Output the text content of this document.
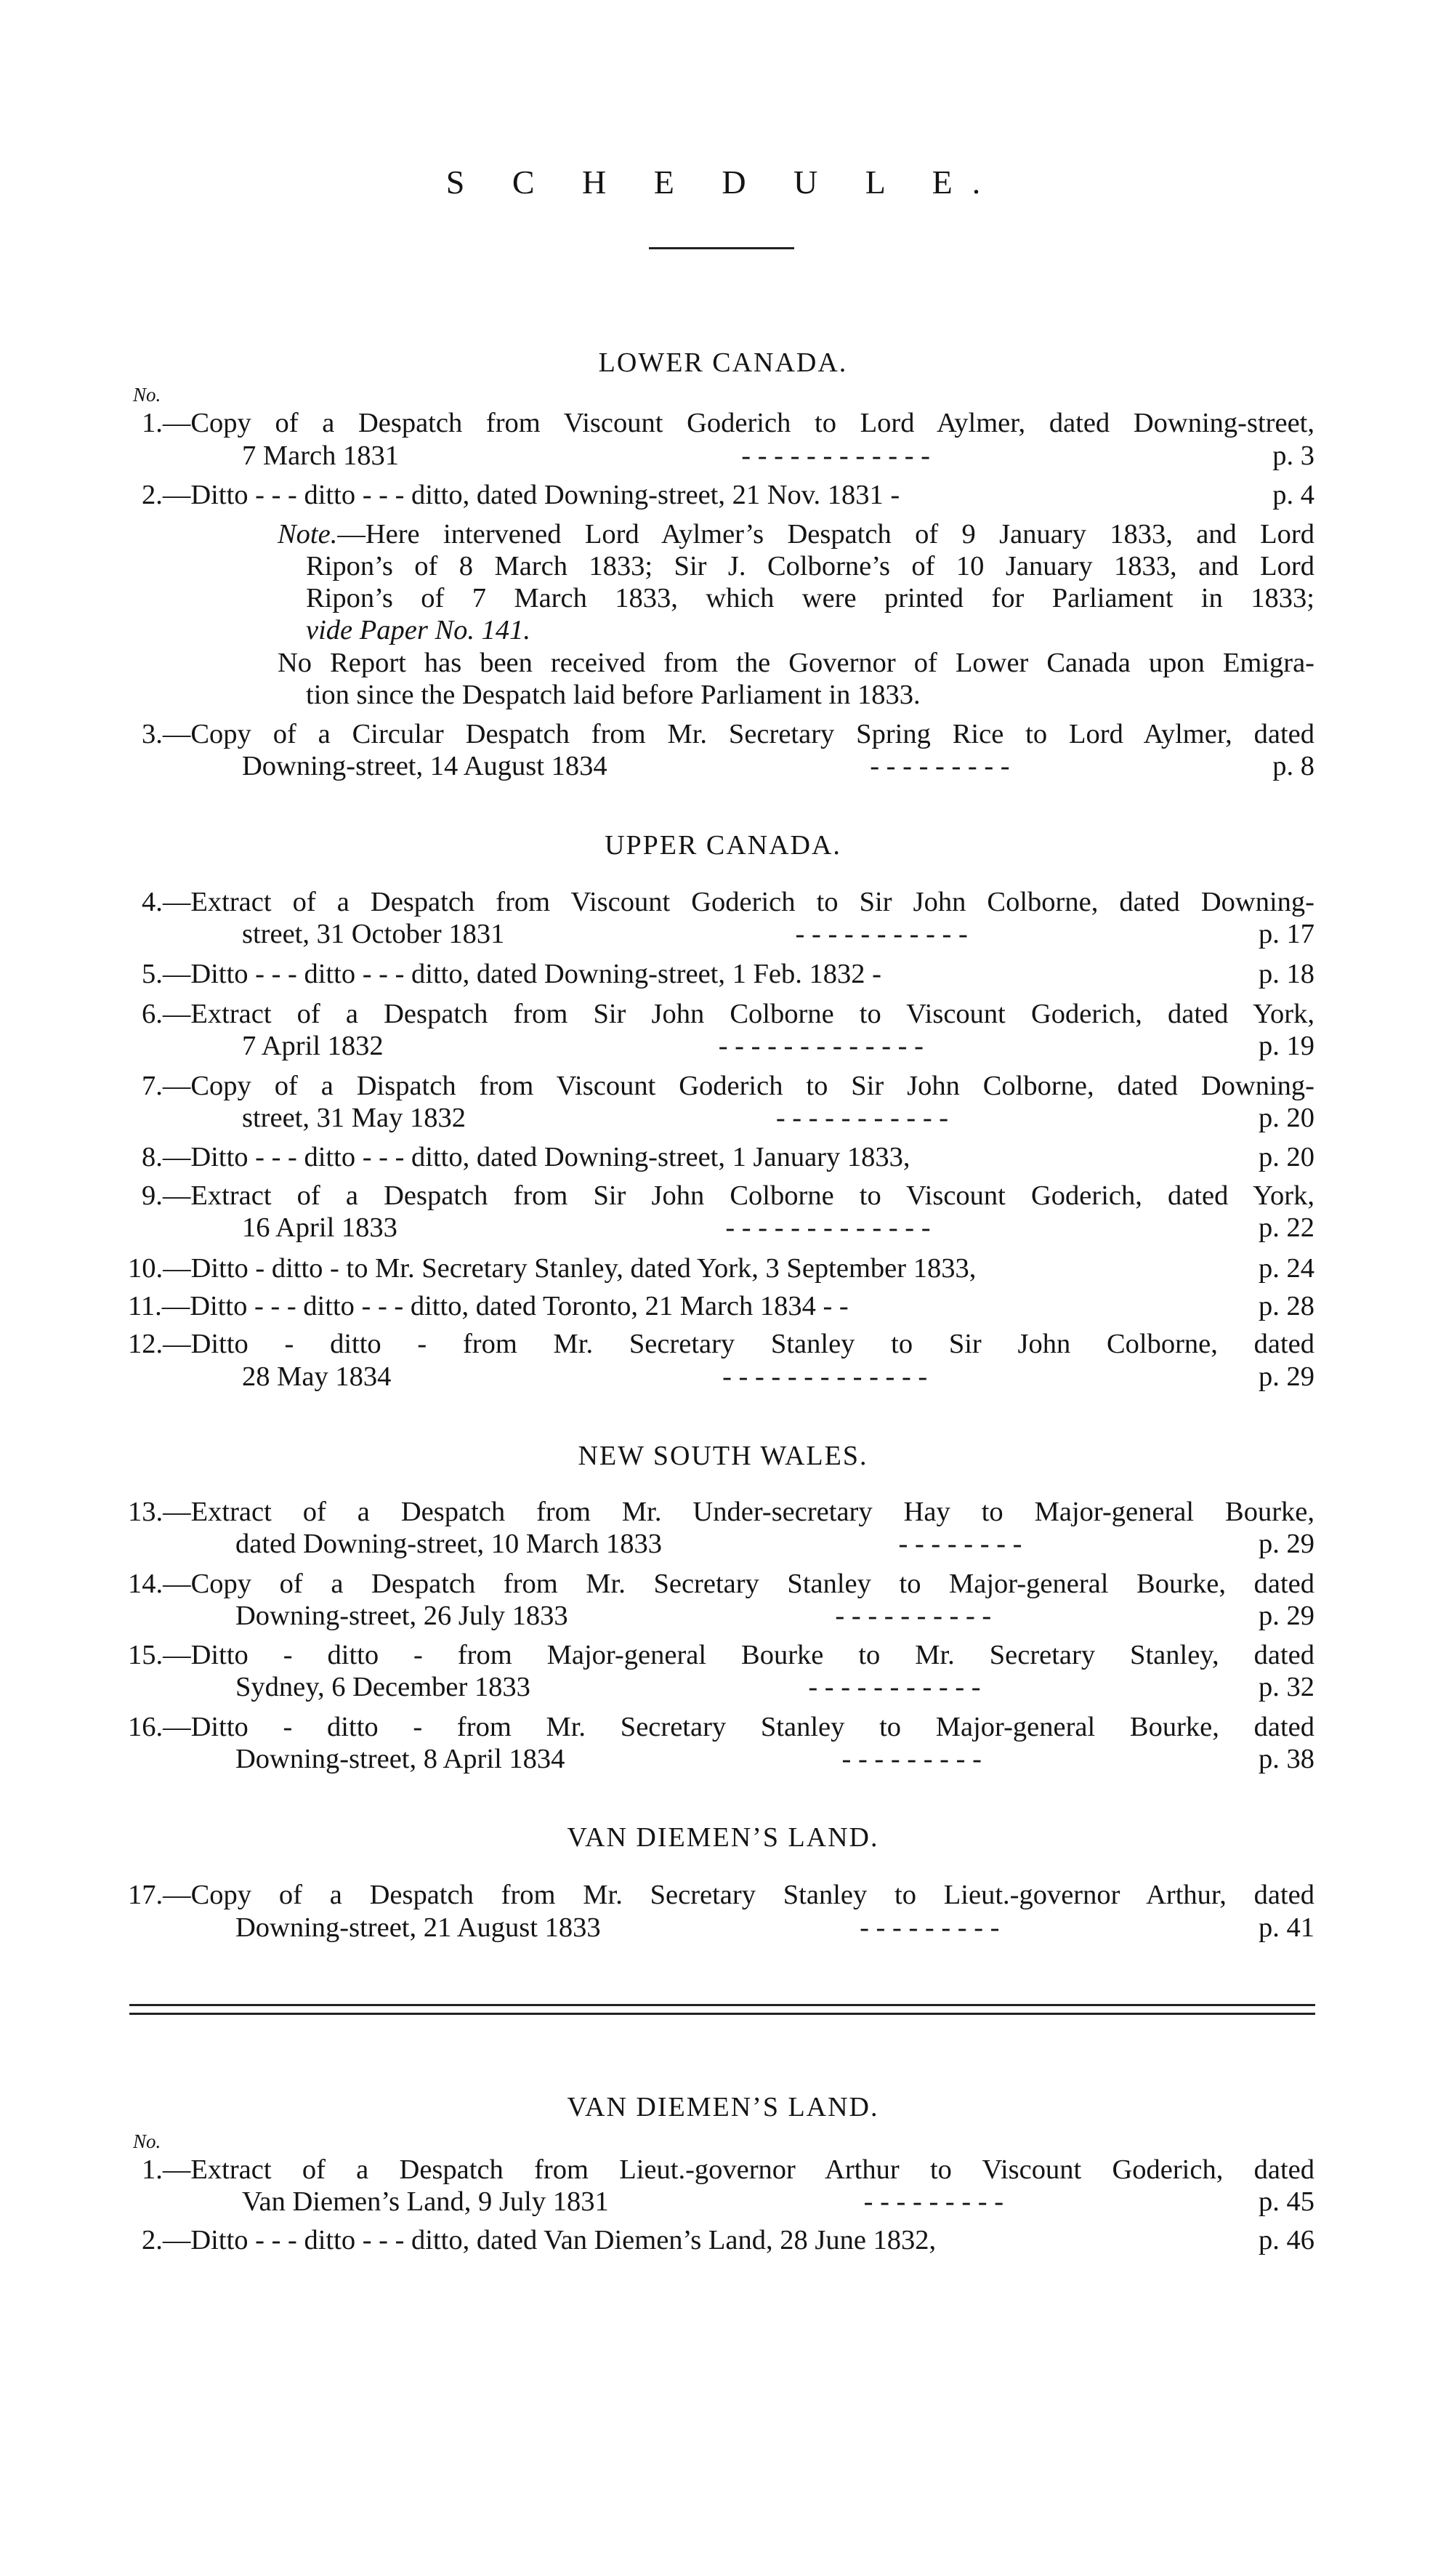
S C H E D U L E.
LOWER CANADA.
No.
1.—Copy of a Despatch from Viscount Goderich to Lord Aylmer, dated Downing-street,
7 March 1831	- - - - - - - - - - - -	p. 3
2.—Ditto - - - ditto - - - ditto, dated Downing-street, 21 Nov. 1831 -	p. 4
Note.—Here intervened Lord Aylmer’s Despatch of 9 January 1833, and Lord
Ripon’s of 8 March 1833; Sir J. Colborne’s of 10 January 1833, and Lord
Ripon’s of 7 March 1833, which were printed for Parliament in 1833;
vide Paper No. 141.
No Report has been received from the Governor of Lower Canada upon Emigra-
tion since the Despatch laid before Parliament in 1833.
3.—Copy of a Circular Despatch from Mr. Secretary Spring Rice to Lord Aylmer, dated
Downing-street, 14 August 1834	- - - - - - - - -	p. 8
UPPER CANADA.
4.—Extract of a Despatch from Viscount Goderich to Sir John Colborne, dated Downing-
street, 31 October 1831	- - - - - - - - - - -	p. 17
5.—Ditto - - - ditto - - - ditto, dated Downing-street, 1 Feb. 1832 -	p. 18
6.—Extract of a Despatch from Sir John Colborne to Viscount Goderich, dated York,
7 April 1832	- - - - - - - - - - - - -	p. 19
7.—Copy of a Dispatch from Viscount Goderich to Sir John Colborne, dated Downing-
street, 31 May 1832	- - - - - - - - - - -	p. 20
8.—Ditto - - - ditto - - - ditto, dated Downing-street, 1 January 1833,	p. 20
9.—Extract of a Despatch from Sir John Colborne to Viscount Goderich, dated York,
16 April 1833	- - - - - - - - - - - - -	p. 22
10.—Ditto - ditto - to Mr. Secretary Stanley, dated York, 3 September 1833,	p. 24
11.—Ditto - - - ditto - - - ditto, dated Toronto, 21 March 1834 - -	p. 28
12.—Ditto - ditto - from Mr. Secretary Stanley to Sir John Colborne, dated
28 May 1834	- - - - - - - - - - - - -	p. 29
NEW SOUTH WALES.
13.—Extract of a Despatch from Mr. Under-secretary Hay to Major-general Bourke,
dated Downing-street, 10 March 1833	- - - - - - - -	p. 29
14.—Copy of a Despatch from Mr. Secretary Stanley to Major-general Bourke, dated
Downing-street, 26 July 1833	- - - - - - - - - -	p. 29
15.—Ditto - ditto - from Major-general Bourke to Mr. Secretary Stanley, dated
Sydney, 6 December 1833	- - - - - - - - - - -	p. 32
16.—Ditto - ditto - from Mr. Secretary Stanley to Major-general Bourke, dated
Downing-street, 8 April 1834	- - - - - - - - -	p. 38
VAN DIEMEN’S LAND.
17.—Copy of a Despatch from Mr. Secretary Stanley to Lieut.-governor Arthur, dated
Downing-street, 21 August 1833	- - - - - - - - -	p. 41
VAN DIEMEN’S LAND.
No.
1.—Extract of a Despatch from Lieut.-governor Arthur to Viscount Goderich, dated
Van Diemen’s Land, 9 July 1831	- - - - - - - - -	p. 45
2.—Ditto - - - ditto - - - ditto, dated Van Diemen’s Land, 28 June 1832,	p. 46
